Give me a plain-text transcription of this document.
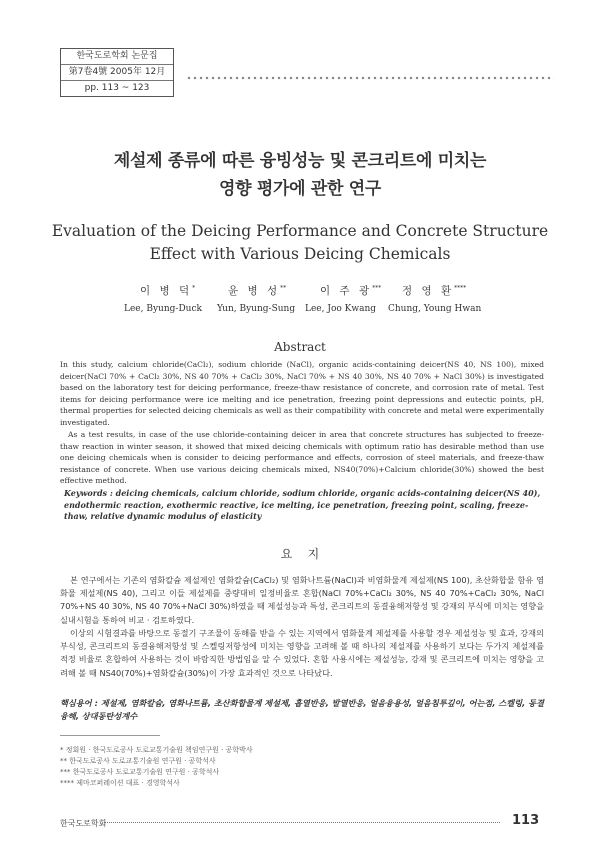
한국도로학회 논문집
第7卷4號 2005年 12月
pp. 113 ~ 123
제설제 종류에 따른 융빙성능 및 콘크리트에 미치는
영향 평가에 관한 연구
Evaluation of the Deicing Performance and Concrete Structure
Effect with Various Deicing Chemicals
이 병 덕*	윤 병 성**	이 주 광*** 정 영 환****
Lee, Byung-Duck Yun, Byung-Sung Lee, Joo Kwang Chung, Young Hwan
Abstract

In this study, calcium chloride(CaCl₂), sodium chloride (NaCl), organic acids-containing deicer(NS 40, NS 100), mixed deicer(NaCl 70% + CaCl₂ 30%, NS 40 70% + CaCl₂ 30%, NaCl 70% + NS 40 30%, NS 40 70% + NaCl 30%) is investigated based on the laboratory test for deicing performance, freeze-thaw resistance of concrete, and corrosion rate of metal. Test items for deicing performance were ice melting and ice penetration, freezing point depressions and eutectic points, pH, thermal properties for selected deicing chemicals as well as their compatibility with concrete and metal were experimentally investigated.

As a test results, in case of the use chloride-containing deicer in area that concrete structures has subjected to freeze-thaw reaction in winter season, it showed that mixed deicing chemicals with optimum ratio has desirable method than use one deicing chemicals when is consider to deicing performance and effects, corrosion of steel materials, and freeze-thaw resistance of concrete. When use various deicing chemicals mixed, NS40(70%)+Calcium chloride(30%) showed the best effective method.

Keywords : deicing chemicals, calcium chloride, sodium chloride, organic acids-containing deicer(NS 40), endothermic reaction, exothermic reactive, ice melting, ice penetration, freezing point, scaling, freeze-thaw, relative dynamic modulus of elasticity
요    지

본 연구에서는 기존의 염화칼슘 제설제인 염화칼슘(CaCl₂) 및 염화나트륨(NaCl)과 비염화물계 제설제(NS 100), 초산화합물 함유 염화물 제설제(NS 40), 그리고 이들 제설제를 중량대비 일정비율로 혼합(NaCl 70%+CaCl₂ 30%, NS 40 70%+CaCl₂ 30%, NaCl 70%+NS 40 30%, NS 40 70%+NaCl 30%)하였을 때 제설성능과 특성, 콘크리트의 동결융해저항성 및 강재의 부식에 미치는 영향을 실내시험을 통하여 비교 · 검토하였다.

이상의 시험결과를 바탕으로 동절기 구조물이 동해를 받을 수 있는 지역에서 염화물계 제설제를 사용할 경우 제설성능 및 효과, 강재의 부식성, 콘크리트의 동결융해저항성 및 스켈링저항성에 미치는 영향을 고려해 볼 때 하나의 제설제를 사용하기 보다는 두가지 제설제를 적정 비율로 혼합하여 사용하는 것이 바람직한 방법임을 알 수 있었다. 혼합 사용시에는 제설성능, 강재 및 콘크리트에 미치는 영향을 고려해 볼 때 NS40(70%)+염화칼슘(30%)이 가장 효과적인 것으로 나타났다.

핵심용어 : 제설제, 염화칼슘, 염화나트륨, 초산화합물계 제설제, 흡열반응, 발열반응, 얼음융용성, 얼음침투깊이, 어는점, 스켈링, 동결융해, 상대동탄성계수
* 정회원 · 한국도로공사 도로교통기술원 책임연구원 · 공학박사
** 한국도로공사 도로교통기술원 연구원 · 공학석사
*** 한국도로공사 도로교통기술원 연구원 · 공학석사
**** 제마코퍼레이션 대표 · 경영학석사
한국도로학회	113
